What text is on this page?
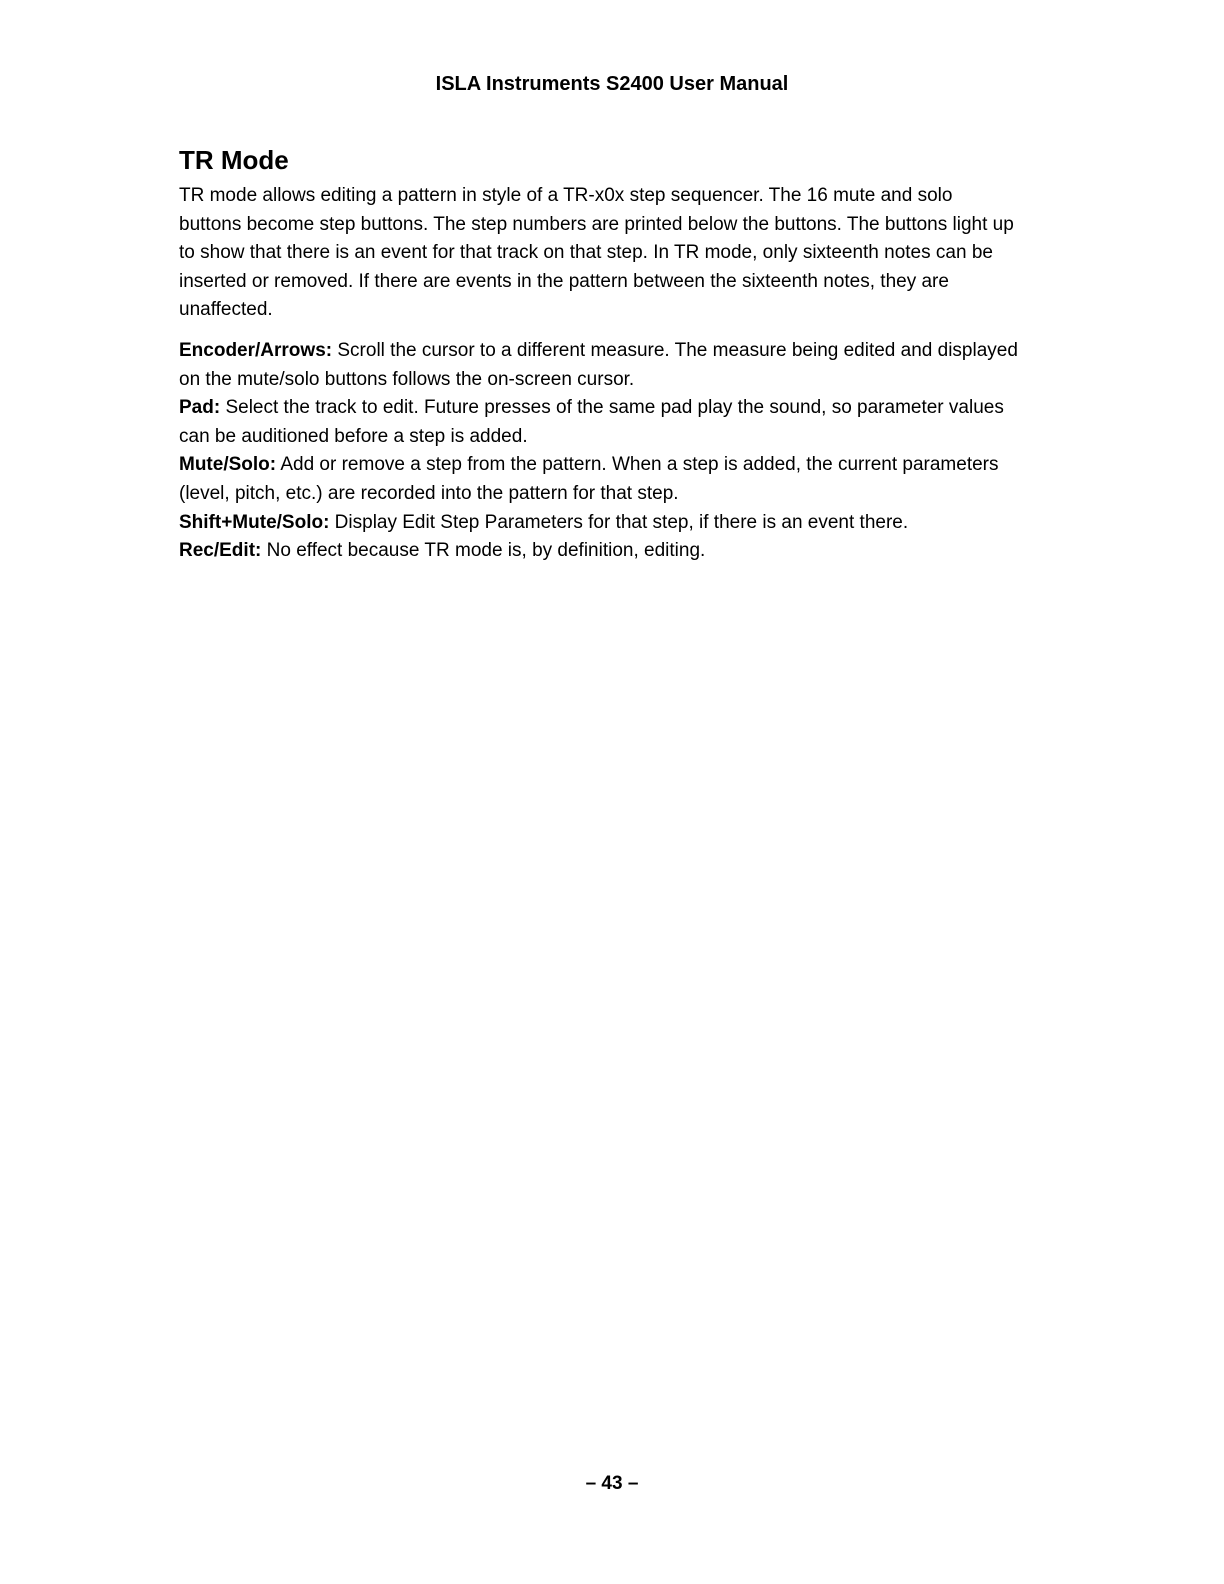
ISLA Instruments S2400 User Manual
TR Mode

TR mode allows editing a pattern in style of a TR-x0x step sequencer. The 16 mute and solo buttons become step buttons. The step numbers are printed below the buttons. The buttons light up to show that there is an event for that track on that step. In TR mode, only sixteenth notes can be inserted or removed. If there are events in the pattern between the sixteenth notes, they are unaffected.

Encoder/Arrows: Scroll the cursor to a different measure. The measure being edited and displayed on the mute/solo buttons follows the on-screen cursor.
Pad: Select the track to edit. Future presses of the same pad play the sound, so parameter values can be auditioned before a step is added.
Mute/Solo: Add or remove a step from the pattern. When a step is added, the current parameters (level, pitch, etc.) are recorded into the pattern for that step.
Shift+Mute/Solo: Display Edit Step Parameters for that step, if there is an event there.
Rec/Edit: No effect because TR mode is, by definition, editing.
– 43 –
